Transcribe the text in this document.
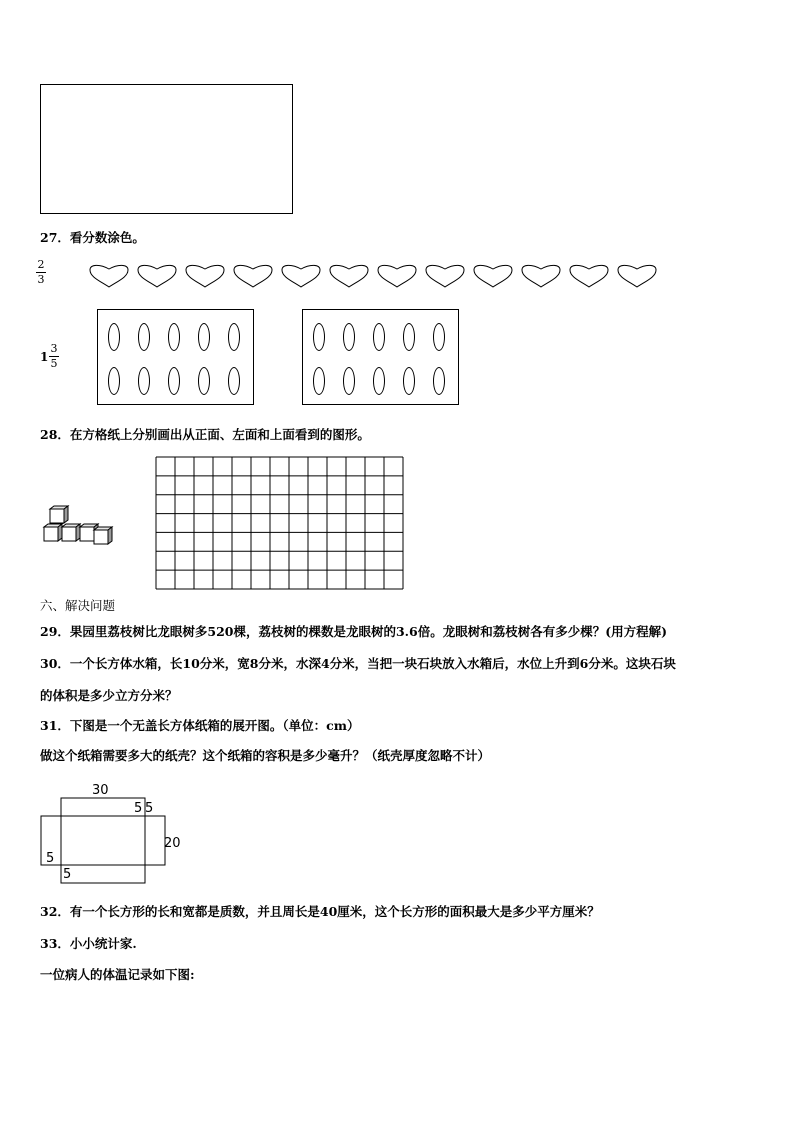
27．看分数涂色。
2
3
1
3
5
28．在方格纸上分别画出从正面、左面和上面看到的图形。
六、解决问题
29．果园里荔枝树比龙眼树多520棵，荔枝树的棵数是龙眼树的3.6倍。龙眼树和荔枝树各有多少棵？(用方程解)
30．一个长方体水箱，长10分米，宽8分米，水深4分米，当把一块石块放入水箱后，水位上升到6分米。这块石块
的体积是多少立方分米？
31．下图是一个无盖长方体纸箱的展开图。（单位：cm）
做这个纸箱需要多大的纸壳？这个纸箱的容积是多少毫升？（纸壳厚度忽略不计）
30
5 5
20
5
5
32．有一个长方形的长和宽都是质数，并且周长是40厘米，这个长方形的面积最大是多少平方厘米？
33．小小统计家.
一位病人的体温记录如下图:
